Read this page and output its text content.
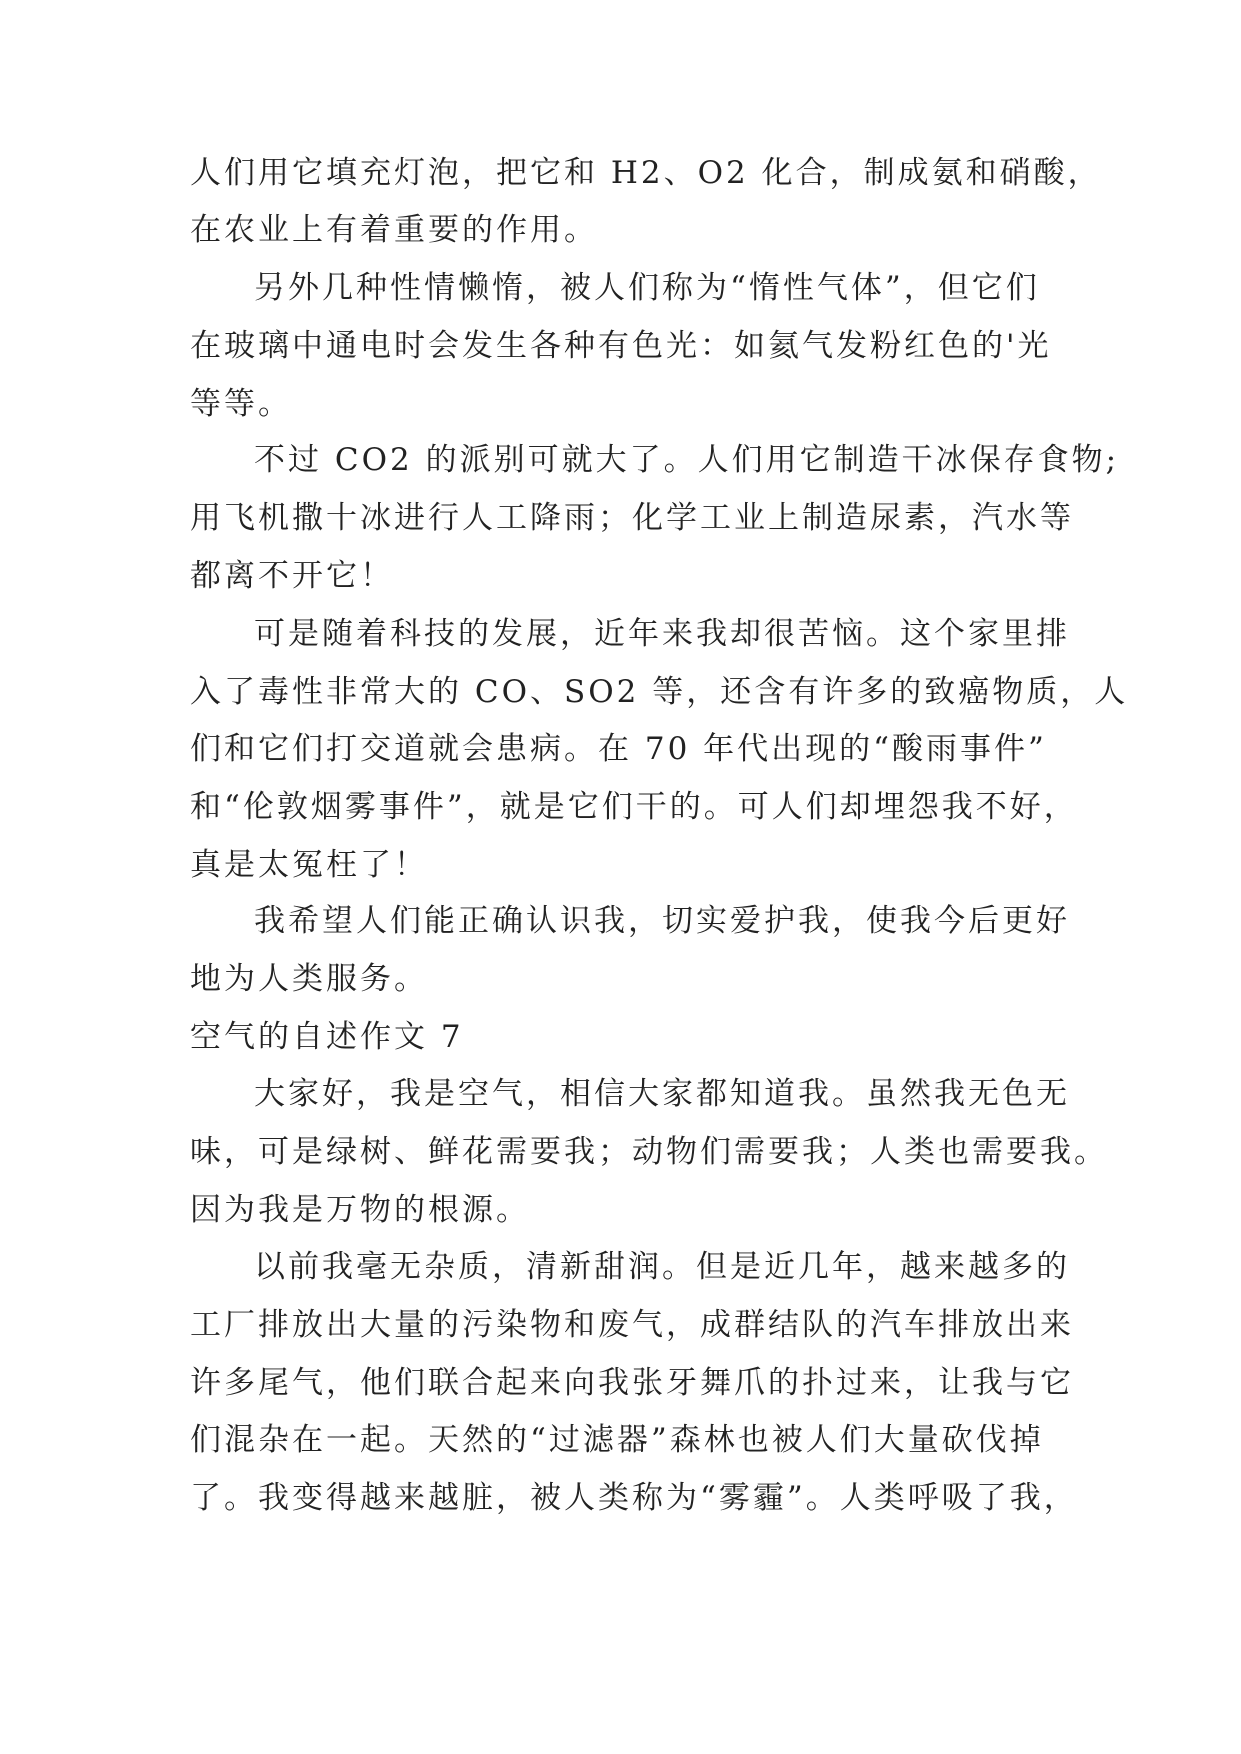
人们用它填充灯泡，把它和 H2、O2 化合，制成氨和硝酸，
在农业上有着重要的作用。
另外几种性情懒惰，被人们称为“惰性气体”，但它们
在玻璃中通电时会发生各种有色光：如氦气发粉红色的'光
等等。
不过 CO2 的派别可就大了。人们用它制造干冰保存食物;
用飞机撒十冰进行人工降雨；化学工业上制造尿素，汽水等
都离不开它！
可是随着科技的发展，近年来我却很苦恼。这个家里排
入了毒性非常大的 CO、SO2 等，还含有许多的致癌物质，人
们和它们打交道就会患病。在 70 年代出现的“酸雨事件”
和“伦敦烟雾事件”，就是它们干的。可人们却埋怨我不好，
真是太冤枉了！
我希望人们能正确认识我，切实爱护我，使我今后更好
地为人类服务。
空气的自述作文 7
大家好，我是空气，相信大家都知道我。虽然我无色无
味，可是绿树、鲜花需要我；动物们需要我；人类也需要我。
因为我是万物的根源。
以前我毫无杂质，清新甜润。但是近几年，越来越多的
工厂排放出大量的污染物和废气，成群结队的汽车排放出来
许多尾气，他们联合起来向我张牙舞爪的扑过来，让我与它
们混杂在一起。天然的“过滤器”森林也被人们大量砍伐掉
了。我变得越来越脏，被人类称为“雾霾”。人类呼吸了我，
